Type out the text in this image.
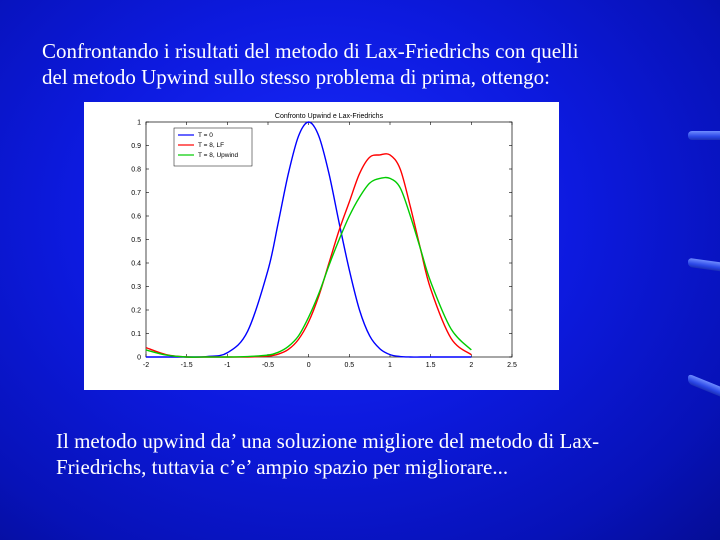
Confrontando i risultati del metodo di Lax-Friedrichs con quelli
del metodo Upwind sullo stesso problema di prima, ottengo:

Confronto Upwind e Lax-Friedrichs
-2	-1.5	-1	-0.5	0	0.5	1	1.5	2	2.5
0
0.1
0.2
0.3
0.4
0.5
0.6
0.7
0.8
0.9
1
T = 0
T = 8, LF
T = 8, Upwind

Il metodo upwind da’ una soluzione migliore del metodo di Lax-
Friedrichs, tuttavia c’e’ ampio spazio per migliorare...
